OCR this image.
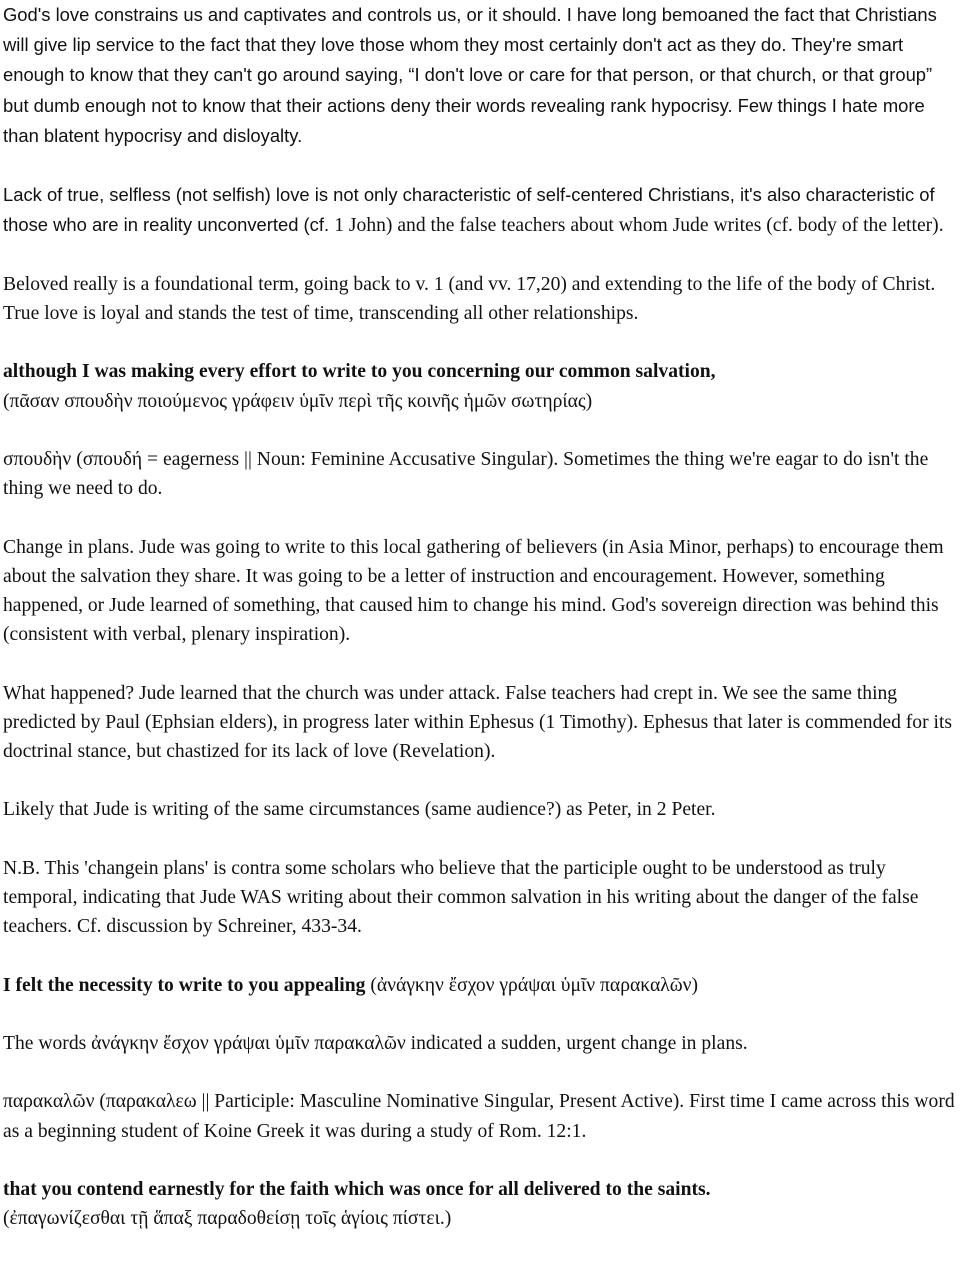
God's love constrains us and captivates and controls us, or it should. I have long bemoaned the fact that Christians will give lip service to the fact that they love those whom they most certainly don't act as they do. They're smart enough to know that they can't go around saying, “I don't love or care for that person, or that church, or that group” but dumb enough not to know that their actions deny their words revealing rank hypocrisy. Few things I hate more than blatent hypocrisy and disloyalty.

Lack of true, selfless (not selfish) love is not only characteristic of self-centered Christians, it's also characteristic of those who are in reality unconverted (cf. 1 John) and the false teachers about whom Jude writes (cf. body of the letter).

Beloved really is a foundational term, going back to v. 1 (and vv. 17,20) and extending to the life of the body of Christ. True love is loyal and stands the test of time, transcending all other relationships.

although I was making every effort to write to you concerning our common salvation,
(πᾶσαν σπουδὴν ποιούμενος γράφειν ὑμῖν περὶ τῆς κοινῆς ἡμῶν σωτηρίας)

σπουδὴν (σπουδή = eagerness || Noun: Feminine Accusative Singular). Sometimes the thing we're eagar to do isn't the thing we need to do.

Change in plans. Jude was going to write to this local gathering of believers (in Asia Minor, perhaps) to encourage them about the salvation they share. It was going to be a letter of instruction and encouragement. However, something happened, or Jude learned of something, that caused him to change his mind. God's sovereign direction was behind this (consistent with verbal, plenary inspiration).

What happened? Jude learned that the church was under attack. False teachers had crept in. We see the same thing predicted by Paul (Ephsian elders), in progress later within Ephesus (1 Timothy). Ephesus that later is commended for its doctrinal stance, but chastized for its lack of love (Revelation).

Likely that Jude is writing of the same circumstances (same audience?) as Peter, in 2 Peter.

N.B. This 'changein plans' is contra some scholars who believe that the participle ought to be understood as truly temporal, indicating that Jude WAS writing about their common salvation in his writing about the danger of the false teachers. Cf. discussion by Schreiner, 433-34.

I felt the necessity to write to you appealing (ἀνάγκην ἔσχον γράψαι ὑμῖν παρακαλῶν)

The words ἀνάγκην ἔσχον γράψαι ὑμῖν παρακαλῶν indicated a sudden, urgent change in plans.

παρακαλῶν (παρακαλεω || Participle: Masculine Nominative Singular, Present Active). First time I came across this word as a beginning student of Koine Greek it was during a study of Rom. 12:1.

that you contend earnestly for the faith which was once for all delivered to the saints.
(ἐπαγωνίζεσθαι τῇ ἅπαξ παραδοθείσῃ τοῖς ἁγίοις πίστει.)
